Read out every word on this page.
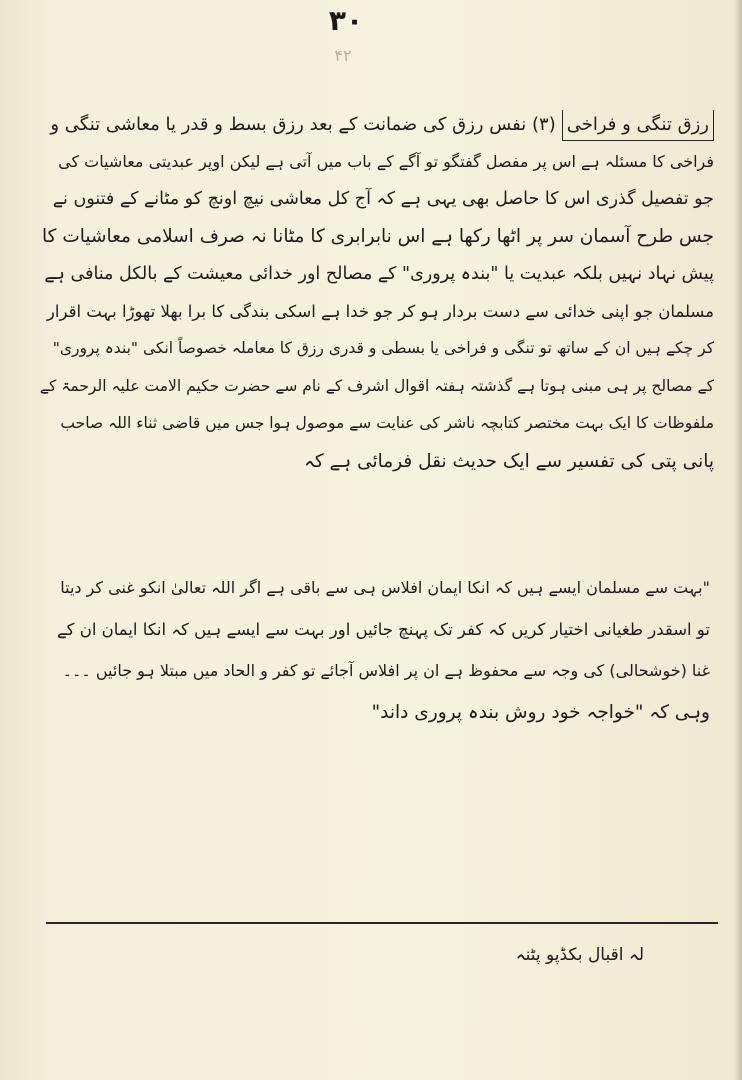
۳۰
۴۲
رزق تنگی و فراخی(۳) نفس رزق کی ضمانت کے بعد رزق بسط و قدر یا معاشی تنگی و
فراخی کا مسئلہ ہے اس پر مفصل گفتگو تو آگے کے باب میں آتی ہے لیکن اوپر عبدیتی معاشیات کی
جو تفصیل گذری اس کا حاصل بھی یہی ہے کہ آج کل معاشی نیچ اونچ کو مٹانے کے فتنوں نے
جس طرح آسمان سر پر اٹھا رکھا ہے اس نابرابری کا مٹانا نہ صرف اسلامی معاشیات کا
پیش نہاد نہیں بلکہ عبدیت یا "بندہ پروری" کے مصالح اور خدائی معیشت کے بالکل منافی ہے
مسلمان جو اپنی خدائی سے دست بردار ہو کر جو خدا ہے اسکی بندگی کا برا بھلا تھوڑا بہت اقرار
کر چکے ہیں ان کے ساتھ تو تنگی و فراخی یا بسطی و قدری رزق کا معاملہ خصوصاً انکی "بندہ پروری"
کے مصالح پر ہی مبنی ہوتا ہے گذشتہ ہفتہ اقوال اشرف کے نام سے حضرت حکیم الامت علیہ الرحمۃ کے
ملفوظات کا ایک بہت مختصر کتابچہ ناشر کی عنایت سے موصول ہوا جس میں قاضی ثناء اللہ صاحب
پانی پتی کی تفسیر سے ایک حدیث نقل فرمائی ہے کہ
"بہت سے مسلمان ایسے ہیں کہ انکا ایمان افلاس ہی سے باقی ہے اگر اللہ تعالیٰ انکو غنی کر دیتا
تو اسقدر طغیانی اختیار کریں کہ کفر تک پہنچ جائیں اور بہت سے ایسے ہیں کہ انکا ایمان ان کے
غنا (خوشحالی) کی وجہ سے محفوظ ہے ان پر افلاس آجائے تو کفر و الحاد میں مبتلا ہو جائیں ۔۔۔
وہی کہ "خواجہ خود روش بندہ پروری داند"

لہ اقبال بکڈپو پٹنہ
